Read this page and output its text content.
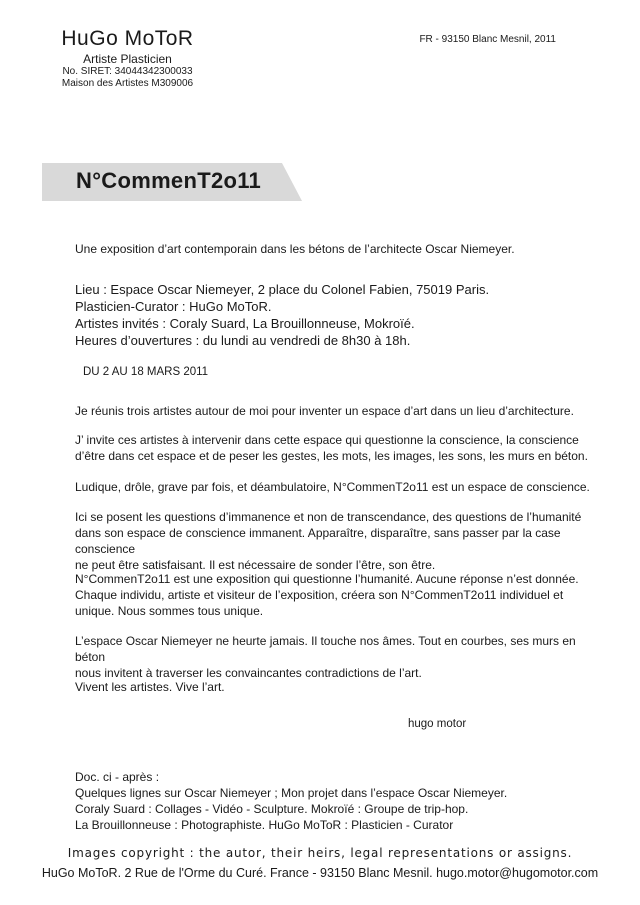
HuGo MoToR
Artiste Plasticien
No. SIRET: 34044342300033
Maison des Artistes M309006
FR - 93150 Blanc Mesnil, 2011
N°CommenT2o11
Une exposition d’art contemporain dans les bétons de l’architecte Oscar Niemeyer.
Lieu : Espace Oscar Niemeyer, 2 place du Colonel Fabien, 75019 Paris.
Plasticien-Curator : HuGo MoToR.
Artistes invités : Coraly Suard, La Brouillonneuse, Mokroïé.
Heures d’ouvertures : du lundi au vendredi de 8h30 à 18h.
DU 2 AU 18 MARS 2011
Je réunis trois artistes autour de moi pour inventer un espace d’art dans un lieu d’architecture.
J’ invite ces artistes à intervenir dans cette espace qui questionne la conscience, la conscience
d’être dans cet espace et de peser les gestes, les mots, les images, les sons, les murs en béton.
Ludique, drôle, grave par fois, et déambulatoire, N°CommenT2o11 est un espace de conscience.
Ici se posent les questions d’immanence et non de transcendance, des questions de l’humanité
dans son espace de conscience immanent. Apparaître, disparaître, sans passer par la case conscience
ne peut être satisfaisant. Il est nécessaire de sonder l’être, son être.
N°CommenT2o11 est une exposition qui questionne l’humanité. Aucune réponse n’est donnée.
Chaque individu, artiste et visiteur de l’exposition, créera son N°CommenT2o11 individuel et
unique. Nous sommes tous unique.
L’espace Oscar Niemeyer ne heurte jamais. Il touche nos âmes. Tout en courbes, ses murs en béton
nous invitent à traverser les convaincantes contradictions de l’art.
Vivent les artistes. Vive l’art.
hugo motor
Doc. ci - après :
Quelques lignes sur Oscar Niemeyer ; Mon projet dans l’espace Oscar Niemeyer.
Coraly Suard : Collages - Vidéo - Sculpture. Mokroïé : Groupe de trip-hop.
La Brouillonneuse : Photographiste. HuGo MoToR : Plasticien - Curator
Images copyright : the autor, their heirs, legal representations or assigns.
HuGo MoToR. 2 Rue de l'Orme du Curé. France - 93150 Blanc Mesnil. hugo.motor@hugomotor.com
